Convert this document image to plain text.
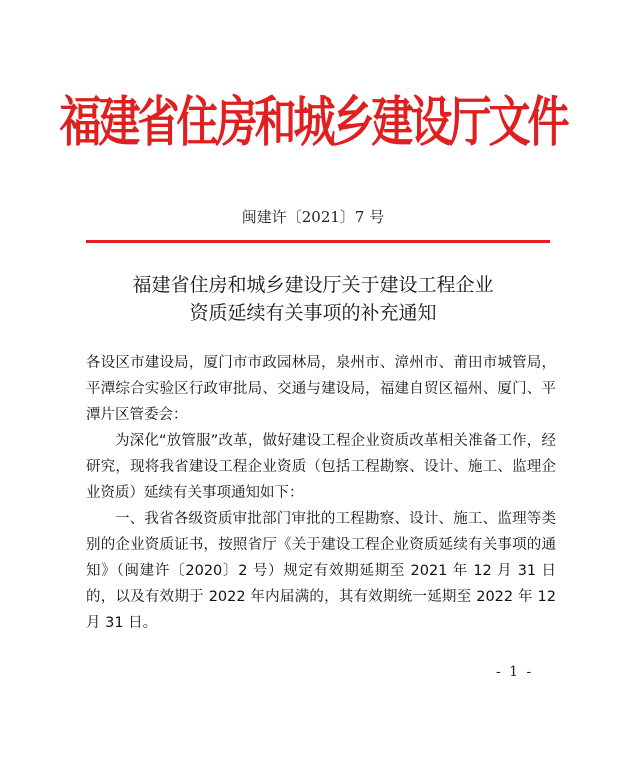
福建省住房和城乡建设厅文件
闽建许〔2021〕7 号
福建省住房和城乡建设厅关于建设工程企业
资质延续有关事项的补充通知

各设区市建设局，厦门市市政园林局，泉州市、漳州市、莆田市城管局，平潭综合实验区行政审批局、交通与建设局，福建自贸区福州、厦门、平潭片区管委会：

为深化“放管服”改革，做好建设工程企业资质改革相关准备工作，经研究，现将我省建设工程企业资质（包括工程勘察、设计、施工、监理企业资质）延续有关事项通知如下：

一、我省各级资质审批部门审批的工程勘察、设计、施工、监理等类别的企业资质证书，按照省厅《关于建设工程企业资质延续有关事项的通知》（闽建许〔2020〕2 号）规定有效期延期至 2021 年 12 月 31 日的，以及有效期于 2022 年内届满的，其有效期统一延期至 2022 年 12 月 31 日。

- 1 -
